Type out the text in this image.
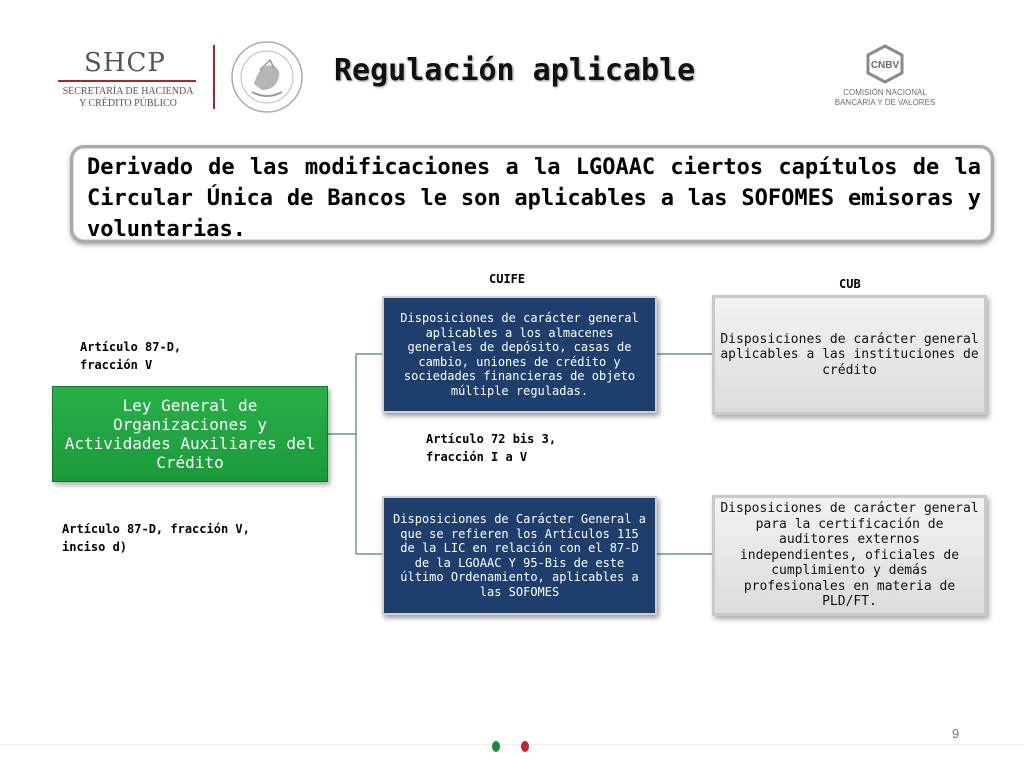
SHCP
SECRETARÍA DE HACIENDA
Y CRÉDITO PÚBLICO
Regulación aplicable	CNBV
COMISIÓN NACIONAL
BANCARIA Y DE VALORES
Derivado de las modificaciones a la LGOAAC ciertos capítulos de la Circular Única de Bancos le son aplicables a las SOFOMES emisoras y voluntarias.
CUIFE	CUB
Artículo 87-D,
fracción V
Artículo 72 bis 3,
fracción I a V
Artículo 87-D, fracción V,
inciso d)
Ley General de Organizaciones y Actividades Auxiliares del Crédito
Disposiciones de carácter general aplicables a los almacenes generales de depósito, casas de cambio, uniones de crédito y sociedades financieras de objeto múltiple reguladas.
Disposiciones de Carácter General a que se refieren los Artículos 115 de la LIC en relación con el 87-D de la LGOAAC Y 95-Bis de este último Ordenamiento, aplicables a las SOFOMES
Disposiciones de carácter general aplicables a las instituciones de crédito
Disposiciones de carácter general para la certificación de auditores externos independientes, oficiales de cumplimiento y demás profesionales en materia de PLD/FT.
9
